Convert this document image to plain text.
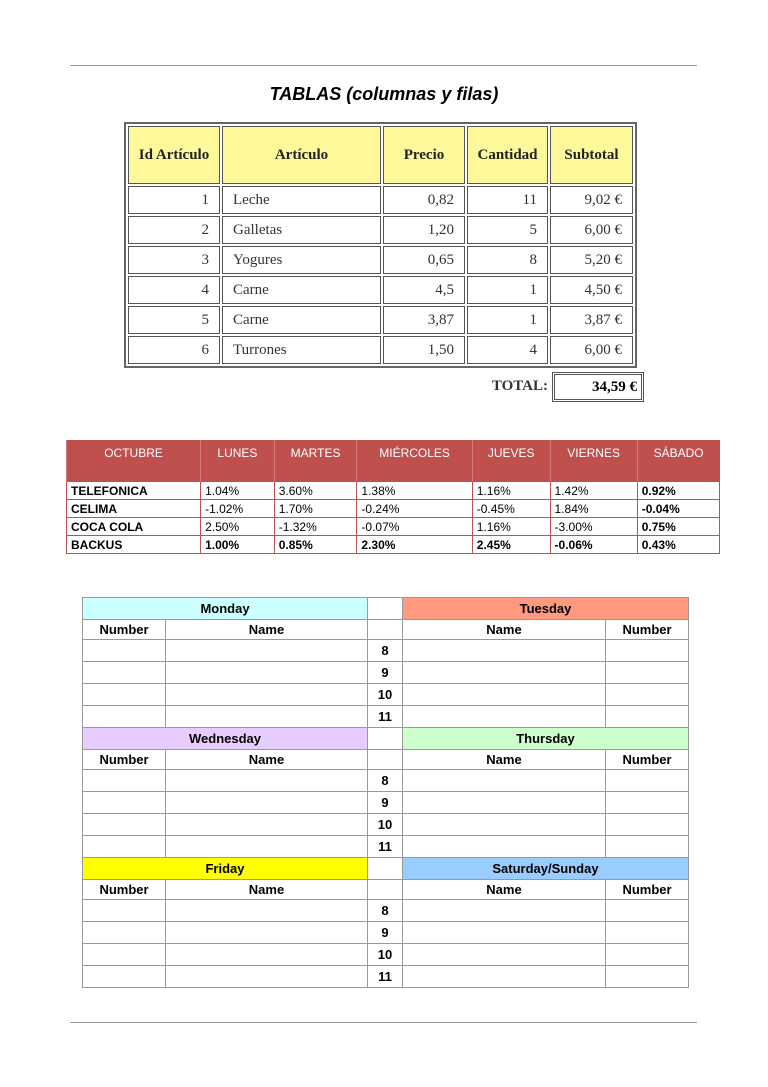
TABLAS (columnas y filas)
Id Artículo	Artículo	Precio	Cantidad	Subtotal
1	Leche	0,82	11	9,02 €
2	Galletas	1,20	5	6,00 €
3	Yogures	0,65	8	5,20 €
4	Carne	4,5	1	4,50 €
5	Carne	3,87	1	3,87 €
6	Turrones	1,50	4	6,00 €
TOTAL:	34,59 €
OCTUBRE	LUNES	MARTES	MIÉRCOLES	JUEVES	VIERNES	SÁBADO
TELEFONICA	1.04%	3.60%	1.38%	1.16%	1.42%	0.92%
CELIMA	-1.02%	1.70%	-0.24%	-0.45%	1.84%	-0.04%
COCA COLA	2.50%	-1.32%	-0.07%	1.16%	-3.00%	0.75%
BACKUS	1.00%	0.85%	2.30%	2.45%	-0.06%	0.43%
Monday			Tuesday	
Number	Name		Name	Number
		8		
		9		
		10		
		11		
Wednesday			Thursday	
Number	Name		Name	Number
		8		
		9		
		10		
		11		
Friday			Saturday/Sunday	
Number	Name		Name	Number
		8		
		9		
		10		
		11		
